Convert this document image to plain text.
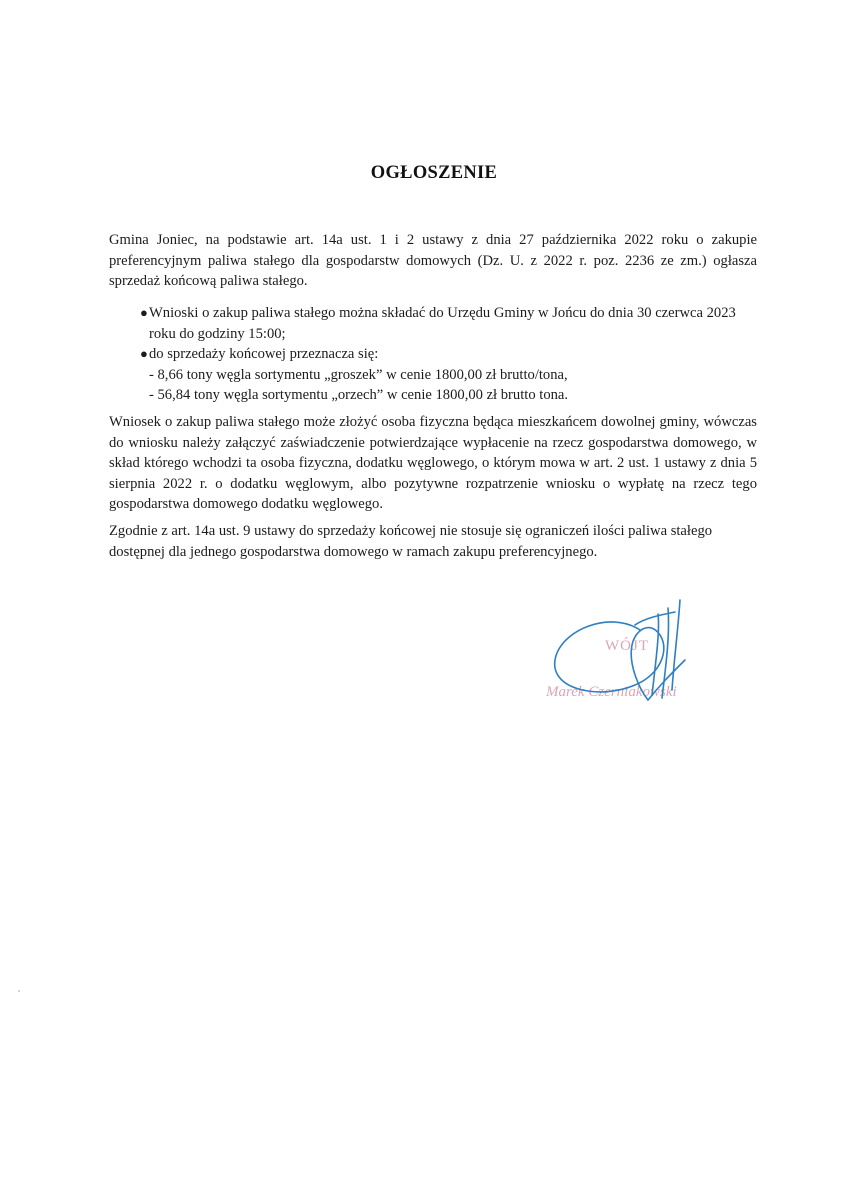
OGŁOSZENIE
Gmina Joniec, na podstawie art. 14a ust. 1 i 2 ustawy z dnia 27 października 2022 roku o zakupie preferencyjnym paliwa stałego dla gospodarstw domowych (Dz. U. z 2022 r. poz. 2236 ze zm.) ogłasza sprzedaż końcową paliwa stałego.
● Wnioski o zakup paliwa stałego można składać do Urzędu Gminy w Jońcu do dnia 30 czerwca 2023 roku do godziny 15:00;
● do sprzedaży końcowej przeznacza się:
- 8,66 tony węgla sortymentu „groszek” w cenie 1800,00 zł brutto/tona,
- 56,84 tony węgla sortymentu „orzech” w cenie 1800,00 zł brutto tona.
Wniosek o zakup paliwa stałego może złożyć osoba fizyczna będąca mieszkańcem dowolnej gminy, wówczas do wniosku należy załączyć zaświadczenie potwierdzające wypłacenie na rzecz gospodarstwa domowego, w skład którego wchodzi ta osoba fizyczna, dodatku węglowego, o którym mowa w art. 2 ust. 1 ustawy z dnia 5 sierpnia 2022 r. o dodatku węglowym, albo pozytywne rozpatrzenie wniosku o wypłatę na rzecz tego gospodarstwa domowego dodatku węglowego.
Zgodnie z art. 14a ust. 9 ustawy do sprzedaży końcowej nie stosuje się ograniczeń ilości paliwa stałego dostępnej dla jednego gospodarstwa domowego w ramach zakupu preferencyjnego.
WÓJT
Marek Czerniakowski
